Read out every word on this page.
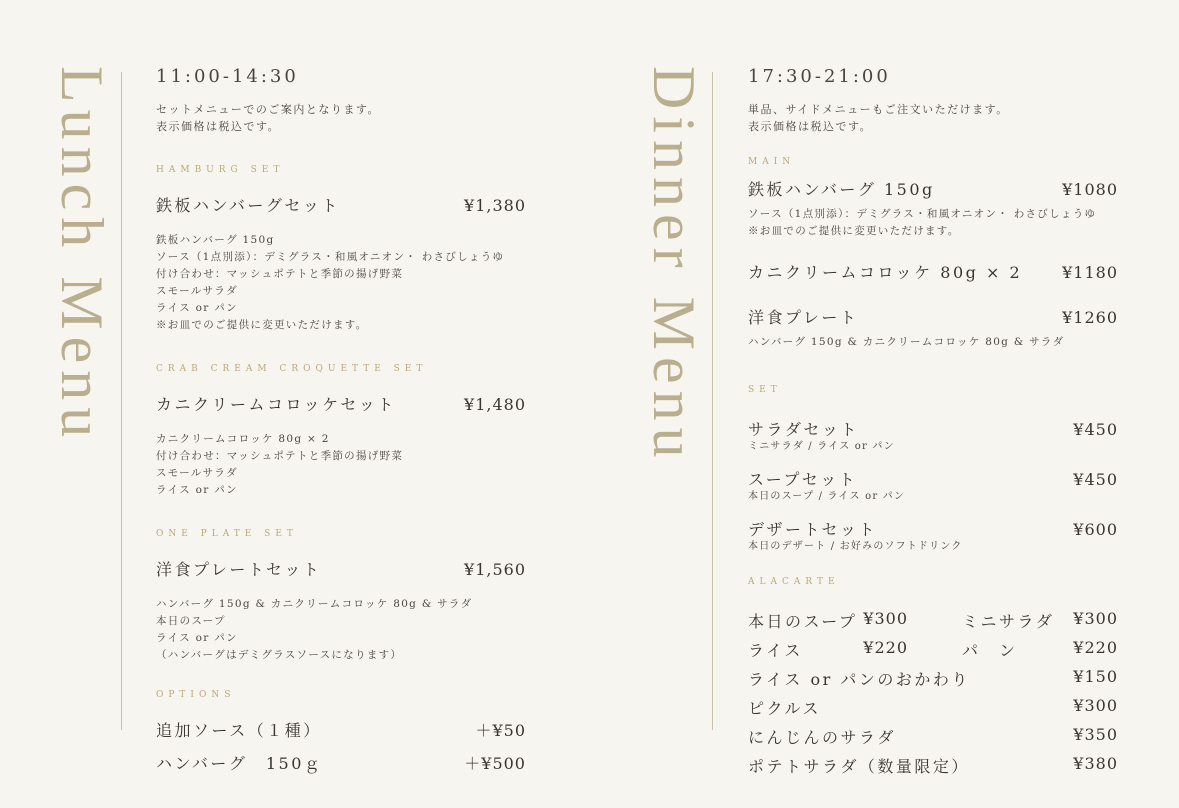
Lunch Menu 11:00-14:30
セットメニューでのご案内となります。
表示価格は税込です。
HAMBURG SET
鉄板ハンバーグセット	¥1,380
鉄板ハンバーグ 150g
ソース（1点別添）：デミグラス・和風オニオン・ わさびしょうゆ
付け合わせ：マッシュポテトと季節の揚げ野菜
スモールサラダ
ライス or パン
※お皿でのご提供に変更いただけます。
CRAB CREAM CROQUETTE SET
カニクリームコロッケセット	¥1,480
カニクリームコロッケ 80g × 2
付け合わせ：マッシュポテトと季節の揚げ野菜
スモールサラダ
ライス or パン
ONE PLATE SET
洋食プレートセット	¥1,560
ハンバーグ 150g & カニクリームコロッケ 80g & サラダ
本日のスープ
ライス or パン
（ハンバーグはデミグラスソースになります）
OPTIONS
追加ソース（１種）	＋¥50
ハンバーグ　150ｇ	＋¥500
Dinner Menu 17:30-21:00
単品、サイドメニューもご注文いただけます。
表示価格は税込です。
MAIN
鉄板ハンバーグ 150g	¥1080
ソース（1点別添）：デミグラス・和風オニオン・ わさびしょうゆ
※お皿でのご提供に変更いただけます。
カニクリームコロッケ 80g × 2 ¥1180
洋食プレート	¥1260
ハンバーグ 150g & カニクリームコロッケ 80g & サラダ
SET
サラダセット	¥450
ミニサラダ / ライス or パン
スープセット	¥450
本日のスープ / ライス or パン
デザートセット	¥600
本日のデザート / お好みのソフトドリンク
ALACARTE
本日のスープ ¥300	ミニサラダ ¥300
ライス	¥220	パ　ン	¥220
ライス or パンのおかわり	¥150
ピクルス	¥300
にんじんのサラダ	¥350
ポテトサラダ（数量限定）	¥380
